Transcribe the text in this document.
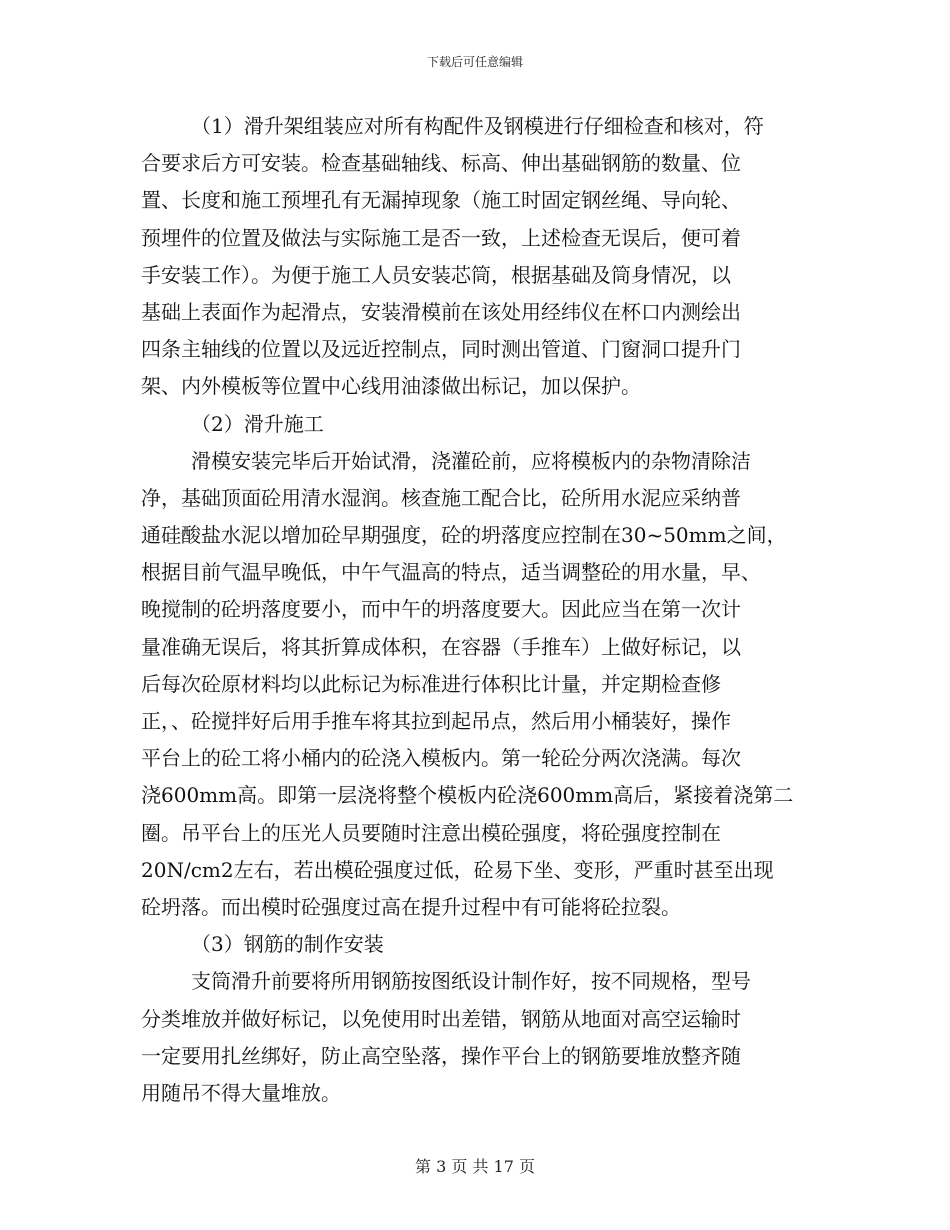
下载后可任意编辑
（1）滑升架组装应对所有构配件及钢模进行仔细检查和核对，符
合要求后方可安装。检查基础轴线、标高、伸出基础钢筋的数量、位
置、长度和施工预埋孔有无漏掉现象（施工时固定钢丝绳、导向轮、
预埋件的位置及做法与实际施工是否一致，上述检查无误后，便可着
手安装工作）。为便于施工人员安装芯筒，根据基础及筒身情况，以
基础上表面作为起滑点，安装滑模前在该处用经纬仪在杯口内测绘出
四条主轴线的位置以及远近控制点，同时测出管道、门窗洞口提升门
架、内外模板等位置中心线用油漆做出标记，加以保护。
（2）滑升施工
滑模安装完毕后开始试滑，浇灌砼前，应将模板内的杂物清除洁
净，基础顶面砼用清水湿润。核查施工配合比，砼所用水泥应采纳普
通硅酸盐水泥以增加砼早期强度，砼的坍落度应控制在30~50mm之间，
根据目前气温早晚低，中午气温高的特点，适当调整砼的用水量，早、
晚搅制的砼坍落度要小，而中午的坍落度要大。因此应当在第一次计
量准确无误后，将其折算成体积，在容器（手推车）上做好标记，以
后每次砼原材料均以此标记为标准进行体积比计量，并定期检查修
正，、砼搅拌好后用手推车将其拉到起吊点，然后用小桶装好，操作
平台上的砼工将小桶内的砼浇入模板内。第一轮砼分两次浇满。每次
浇600mm高。即第一层浇将整个模板内砼浇600mm高后，紧接着浇第二
圈。吊平台上的压光人员要随时注意出模砼强度，将砼强度控制在
20N/cm2左右，若出模砼强度过低，砼易下坐、变形，严重时甚至出现
砼坍落。而出模时砼强度过高在提升过程中有可能将砼拉裂。
（3）钢筋的制作安装
支筒滑升前要将所用钢筋按图纸设计制作好，按不同规格，型号
分类堆放并做好标记，以免使用时出差错，钢筋从地面对高空运输时
一定要用扎丝绑好，防止高空坠落，操作平台上的钢筋要堆放整齐随
用随吊不得大量堆放。
第 3 页 共 17 页
